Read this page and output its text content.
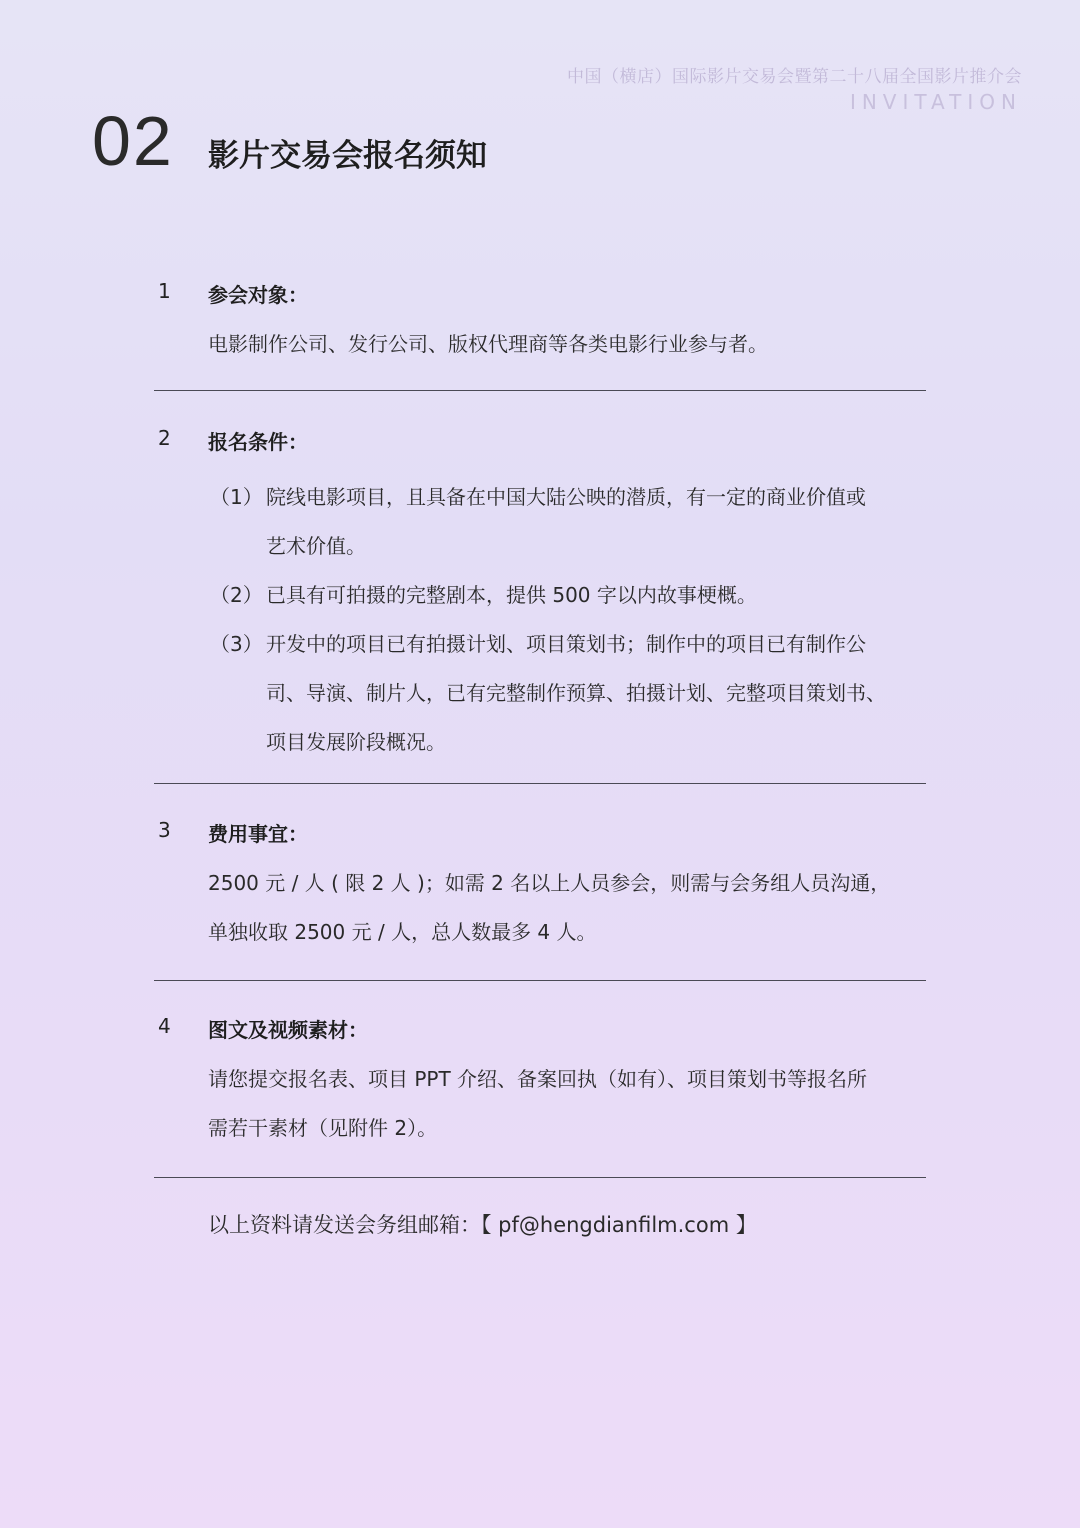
中国（横店）国际影片交易会暨第二十八届全国影片推介会
INVITATION
02 影片交易会报名须知
1 参会对象：
电影制作公司、发行公司、版权代理商等各类电影行业参与者。
2 报名条件：
（1） 院线电影项目，且具备在中国大陆公映的潜质，有一定的商业价值或
艺术价值。
（2） 已具有可拍摄的完整剧本，提供 500 字以内故事梗概。
（3） 开发中的项目已有拍摄计划、项目策划书；制作中的项目已有制作公
司、导演、制片人，已有完整制作预算、拍摄计划、完整项目策划书、
项目发展阶段概况。
3 费用事宜：
2500 元 / 人 ( 限 2 人 )；如需 2 名以上人员参会，则需与会务组人员沟通，
单独收取 2500 元 / 人，总人数最多 4 人。
4 图文及视频素材：
请您提交报名表、项目 PPT 介绍、备案回执（如有）、项目策划书等报名所
需若干素材（见附件 2）。
以上资料请发送会务组邮箱：【 pf@hengdianfilm.com 】
